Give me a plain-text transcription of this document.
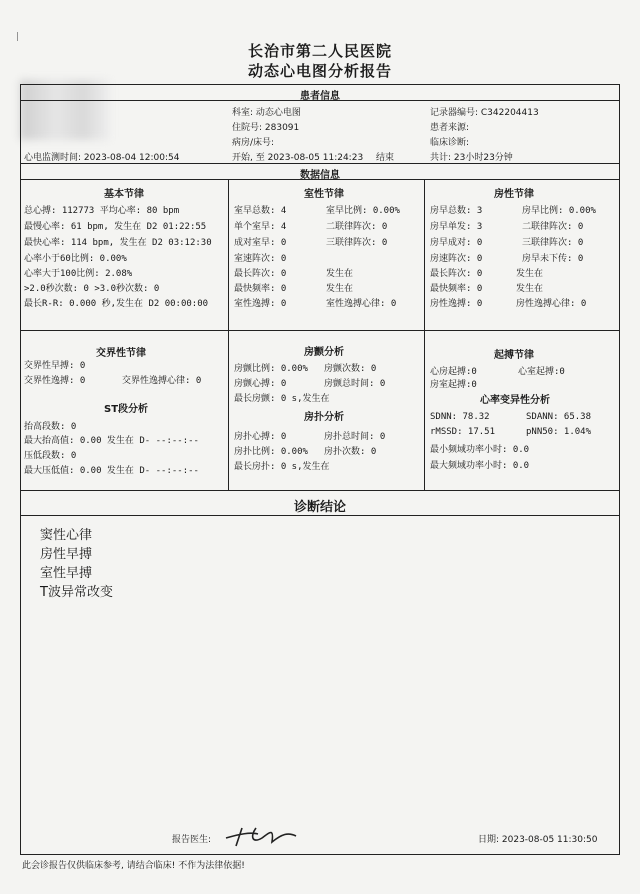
|
长治市第二人民医院
动态心电图分析报告
患者信息
科室: 动态心电图	记录器编号: C342204413
住院号: 283091	患者来源:
病房/床号:	临床诊断:
心电监测时间: 2023-08-04 12:00:54	开始, 至 2023-08-05 11:24:23 结束	共计: 23小时23分钟
数据信息
基本节律
总心搏: 112773 平均心率: 80 bpm
最慢心率: 61 bpm, 发生在 D2 01:22:55
最快心率: 114 bpm, 发生在 D2 03:12:30
心率小于60比例: 0.00%
心率大于100比例: 2.08%
>2.0秒次数: 0 >3.0秒次数: 0
最长R-R: 0.000 秒,发生在 D2 00:00:00
室性节律
室早总数: 4	室早比例: 0.00%
单个室早: 4	二联律阵次: 0
成对室早: 0	三联律阵次: 0
室速阵次: 0
最长阵次: 0	发生在
最快频率: 0	发生在
室性逸搏: 0	室性逸搏心律: 0
房性节律
房早总数: 3	房早比例: 0.00%
房早单发: 3	二联律阵次: 0
房早成对: 0	三联律阵次: 0
房速阵次: 0	房早未下传: 0
最长阵次: 0	发生在
最快频率: 0	发生在
房性逸搏: 0	房性逸搏心律: 0
交界性节律
交界性早搏: 0
交界性逸搏: 0	交界性逸搏心律: 0
ST段分析
抬高段数: 0
最大抬高值: 0.00 发生在 D- --:--:--
压低段数: 0
最大压低值: 0.00 发生在 D- --:--:--
房颤分析
房颤比例: 0.00% 房颤次数: 0
房颤心搏: 0	房颤总时间: 0
最长房颤: 0 s,发生在
房扑分析
房扑心搏: 0	房扑总时间: 0
房扑比例: 0.00% 房扑次数: 0
最长房扑: 0 s,发生在
起搏节律
心房起搏:0	心室起搏:0
房室起搏:0
心率变异性分析
SDNN: 78.32	SDANN: 65.38
rMSSD: 17.51	pNN50: 1.04%
最小频域功率小时: 0.0
最大频域功率小时: 0.0
诊断结论
窦性心律
房性早搏
室性早搏
T波异常改变
报告医生:	日期: 2023-08-05 11:30:50
此会诊报告仅供临床参考, 请结合临床! 不作为法律依据!
